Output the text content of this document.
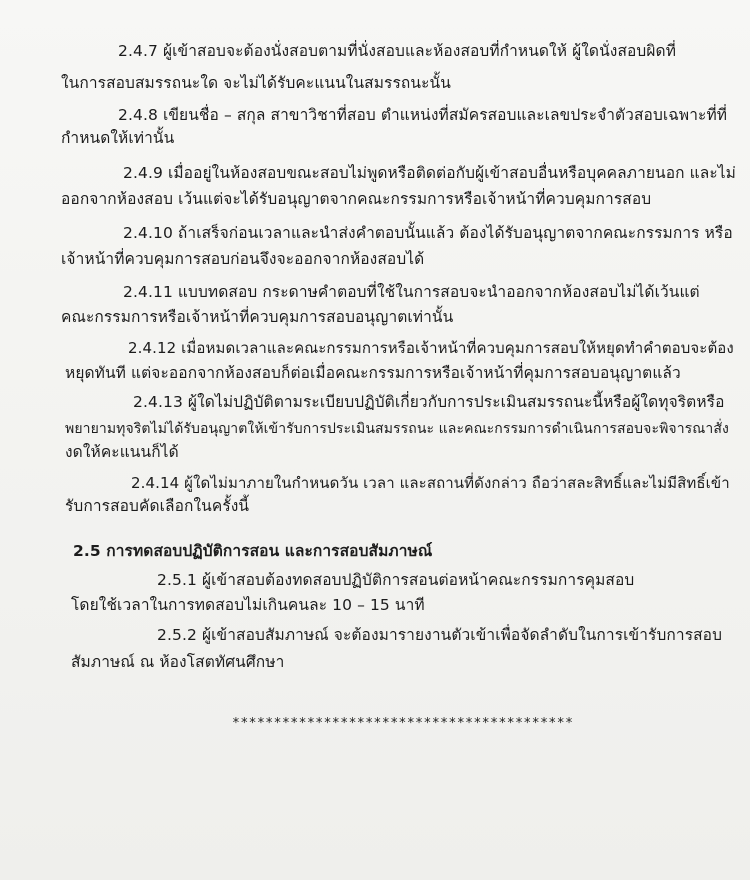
2.4.7 ผู้เข้าสอบจะต้องนั่งสอบตามที่นั่งสอบและห้องสอบที่กำหนดให้ ผู้ใดนั่งสอบผิดที่
ในการสอบสมรรถนะใด จะไม่ได้รับคะแนนในสมรรถนะนั้น
2.4.8 เขียนชื่อ – สกุล สาขาวิชาที่สอบ ตำแหน่งที่สมัครสอบและเลขประจำตัวสอบเฉพาะที่ที่
กำหนดให้เท่านั้น
2.4.9 เมื่ออยู่ในห้องสอบขณะสอบไม่พูดหรือติดต่อกับผู้เข้าสอบอื่นหรือบุคคลภายนอก และไม่
ออกจากห้องสอบ เว้นแต่จะได้รับอนุญาตจากคณะกรรมการหรือเจ้าหน้าที่ควบคุมการสอบ
2.4.10 ถ้าเสร็จก่อนเวลาและนำส่งคำตอบนั้นแล้ว ต้องได้รับอนุญาตจากคณะกรรมการ หรือ
เจ้าหน้าที่ควบคุมการสอบก่อนจึงจะออกจากห้องสอบได้
2.4.11 แบบทดสอบ กระดาษคำตอบที่ใช้ในการสอบจะนำออกจากห้องสอบไม่ได้เว้นแต่
คณะกรรมการหรือเจ้าหน้าที่ควบคุมการสอบอนุญาตเท่านั้น
2.4.12 เมื่อหมดเวลาและคณะกรรมการหรือเจ้าหน้าที่ควบคุมการสอบให้หยุดทำคำตอบจะต้อง
หยุดทันที แต่จะออกจากห้องสอบก็ต่อเมื่อคณะกรรมการหรือเจ้าหน้าที่คุมการสอบอนุญาตแล้ว
2.4.13 ผู้ใดไม่ปฏิบัติตามระเบียบปฏิบัติเกี่ยวกับการประเมินสมรรถนะนี้หรือผู้ใดทุจริตหรือ
พยายามทุจริตไม่ได้รับอนุญาตให้เข้ารับการประเมินสมรรถนะ และคณะกรรมการดำเนินการสอบจะพิจารณาสั่ง
งดให้คะแนนก็ได้
2.4.14 ผู้ใดไม่มาภายในกำหนดวัน เวลา และสถานที่ดังกล่าว ถือว่าสละสิทธิ์และไม่มีสิทธิ์เข้า
รับการสอบคัดเลือกในครั้งนี้
2.5 การทดสอบปฏิบัติการสอน และการสอบสัมภาษณ์
2.5.1 ผู้เข้าสอบต้องทดสอบปฏิบัติการสอนต่อหน้าคณะกรรมการคุมสอบ
โดยใช้เวลาในการทดสอบไม่เกินคนละ 10 – 15 นาที
2.5.2 ผู้เข้าสอบสัมภาษณ์ จะต้องมารายงานตัวเข้าเพื่อจัดลำดับในการเข้ารับการสอบ
สัมภาษณ์ ณ ห้องโสตทัศนศึกษา
*****************************************
